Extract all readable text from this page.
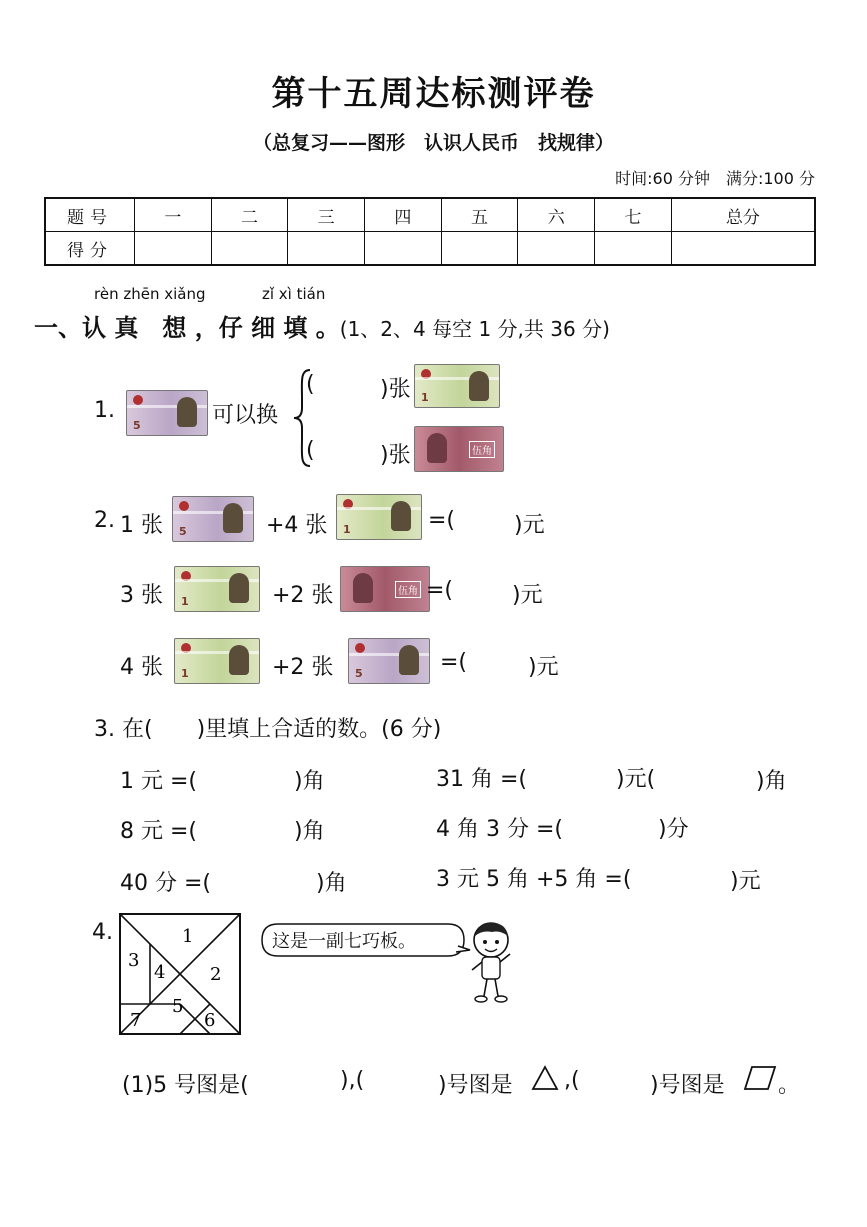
第十五周达标测评卷
（总复习——图形　认识人民币　找规律）
时间:60 分钟　满分:100 分
题号	一	二	三	四	五	六	七	总分
得分								
rèn zhēn xiǎng	zǐ xì tián
一、认 真　想 ，仔 细 填 。(1、2、4 每空 1 分,共 36 分)
1.
5	可以换
(	)张 1
(	)张	伍角
2. 1 张 5	+4 张 1	=(	)元
3 张 1	+2 张	伍角 =(	)元
4 张 1	+2 张 5	=(	)元
3. 在(　　)里填上合适的数。(6 分)
1 元 =(	)角	31 角 =(	)元(	)角
8 元 =(	)角	4 角 3 分 =(	)分
40 分 =(	)角	3 元 5 角 +5 角 =(	)元
4.	1
2
3
4
5
6
7
这是一副七巧板。
(1)5 号图是(	),(	)号图是 ,(	)号图是 。
